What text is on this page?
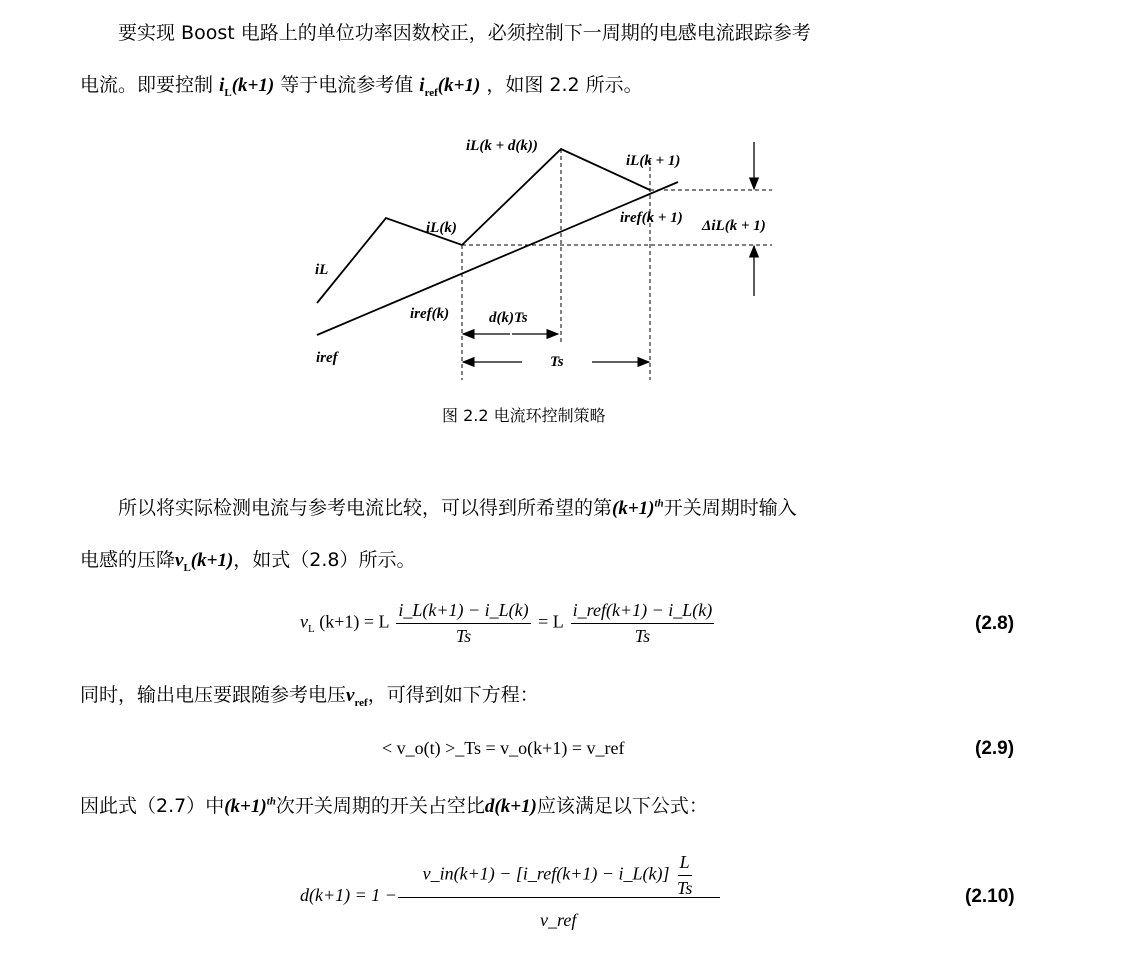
要实现 Boost 电路上的单位功率因数校正，必须控制下一周期的电感电流跟踪参考
电流。即要控制 $i_L(k+1)$ 等于电流参考值 $i_{ref}(k+1)$ ，如图 2.2 所示。
iL(k + d(k))
iL(k + 1)
iL(k)
iref(k + 1) ΔiL(k + 1)
iL
iref(k)	d(k)Ts
iref	Ts
图 2.2 电流环控制策略
所以将实际检测电流与参考电流比较，可以得到所希望的第$(k+1)^{th}$开关周期时输入
电感的压降$v_L(k+1)$，如式（2.8）所示。
$v_L$ (k+1) = L $\frac{i\_L(k+1) - i\_L(k)}{Ts} = L \frac{\text{i\_ref(k+1) − i\_L(k)}}{Ts}$	(2.8)
同时，输出电压要跟随参考电压$v_{ref}$，可得到如下方程：
< v_o(t) >_Ts = v_o(k+1) = v_ref	(2.9)
因此式（2.7）中$(k+1)^{th}$次开关周期的开关占空比d(k+1)应该满足以下公式：
d(k+1) = 1 −
v_in(k+1) − [i_ref(k+1) − i_L(k)] $\frac{L}{Ts}$
v_ref
(2.10)
